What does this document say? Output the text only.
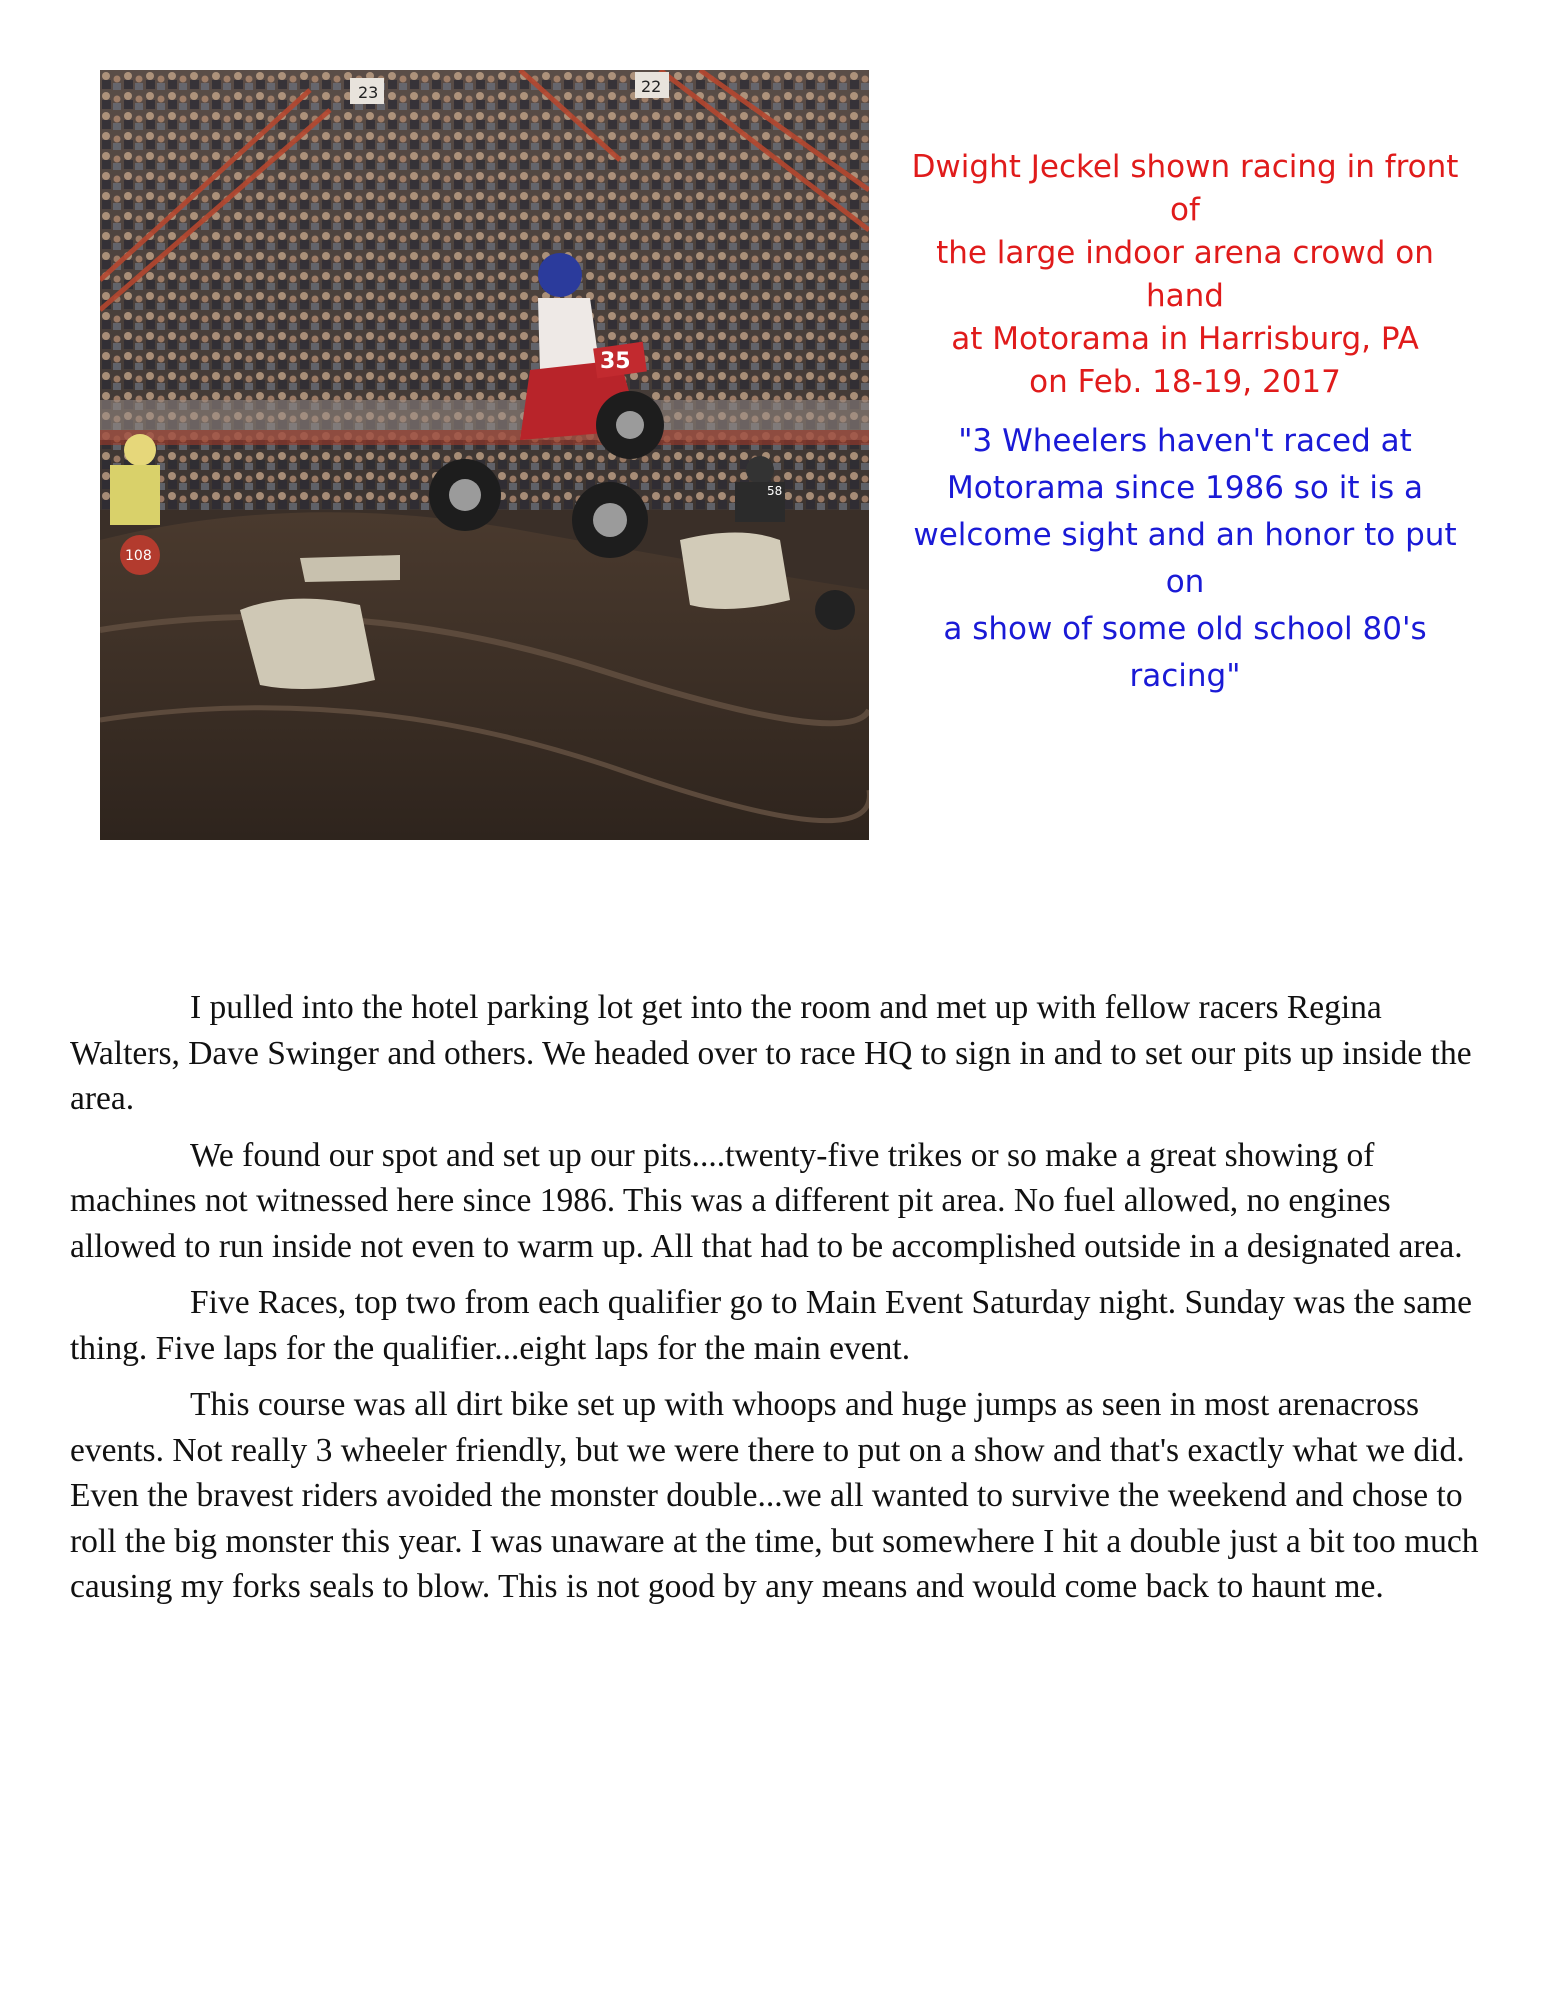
23	22
108
58
35
Dwight Jeckel shown racing in front of
the large indoor arena crowd on hand
at Motorama in Harrisburg, PA
on Feb. 18-19, 2017
"3 Wheelers haven't raced at
Motorama since 1986 so it is a
welcome sight and an honor to put on
a show of some old school 80's
racing"

I pulled into the hotel parking lot get into the room and met up with fellow racers Regina Walters, Dave Swinger and others. We headed over to race HQ to sign in and to set our pits up inside the area.

We found our spot and set up our pits....twenty-five trikes or so make a great showing of machines not witnessed here since 1986. This was a different pit area. No fuel allowed, no engines allowed to run inside not even to warm up. All that had to be accomplished outside in a designated area.

Five Races, top two from each qualifier go to Main Event Saturday night. Sunday was the same thing. Five laps for the qualifier...eight laps for the main event.

This course was all dirt bike set up with whoops and huge jumps as seen in most arenacross events. Not really 3 wheeler friendly, but we were there to put on a show and that's exactly what we did. Even the bravest riders avoided the monster double...we all wanted to survive the weekend and chose to roll the big monster this year. I was unaware at the time, but somewhere I hit a double just a bit too much causing my forks seals to blow. This is not good by any means and would come back to haunt me.
